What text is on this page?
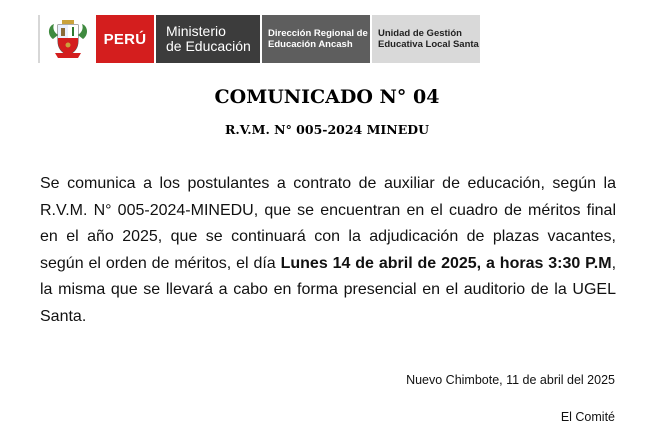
PERÚ	Ministerio
de Educación
Dirección Regional de
Educación Ancash
Unidad de Gestión
Educativa Local Santa
COMUNICADO N° 04
R.V.M. N° 005-2024 MINEDU

Se comunica a los postulantes a contrato de auxiliar de educación, según la R.V.M. N° 005-2024-MINEDU, que se encuentran en el cuadro de méritos final en el año 2025, que se continuará con la adjudicación de plazas vacantes, según el orden de méritos, el día Lunes 14 de abril de 2025, a horas 3:30 P.M, la misma que se llevará a cabo en forma presencial en el auditorio de la UGEL Santa.

Nuevo Chimbote, 11 de abril del 2025
El Comité
